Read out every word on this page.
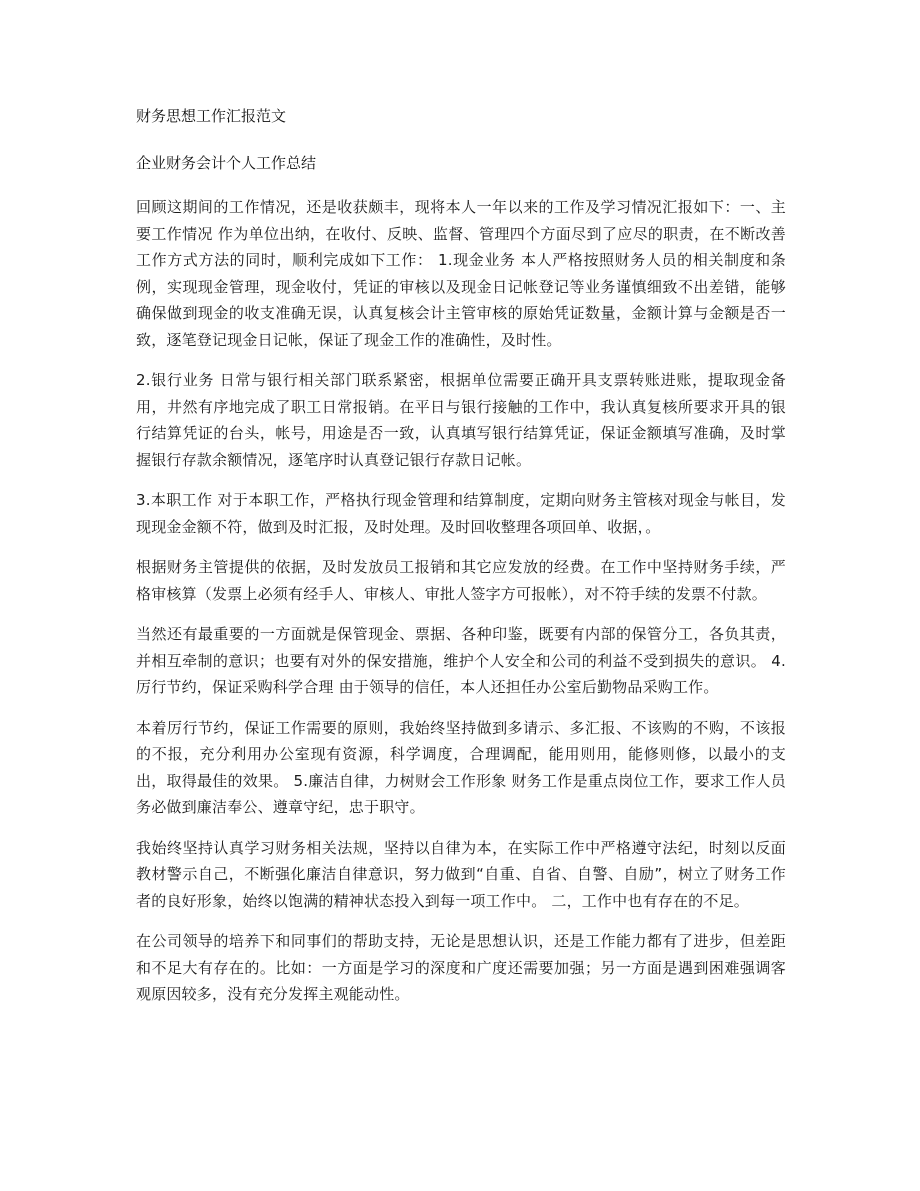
财务思想工作汇报范文
企业财务会计个人工作总结

回顾这期间的工作情况，还是收获颇丰，现将本人一年以来的工作及学习情况汇报如下：一、主要工作情况 作为单位出纳，在收付、反映、监督、管理四个方面尽到了应尽的职责，在不断改善工作方式方法的同时，顺利完成如下工作： 1.现金业务 本人严格按照财务人员的相关制度和条例，实现现金管理，现金收付，凭证的审核以及现金日记帐登记等业务谨慎细致不出差错，能够确保做到现金的收支准确无误，认真复核会计主管审核的原始凭证数量，金额计算与金额是否一致，逐笔登记现金日记帐，保证了现金工作的准确性，及时性。

2.银行业务 日常与银行相关部门联系紧密，根据单位需要正确开具支票转账进账，提取现金备用，井然有序地完成了职工日常报销。在平日与银行接触的工作中，我认真复核所要求开具的银行结算凭证的台头，帐号，用途是否一致，认真填写银行结算凭证，保证金额填写准确，及时掌握银行存款余额情况，逐笔序时认真登记银行存款日记帐。

3.本职工作 对于本职工作，严格执行现金管理和结算制度，定期向财务主管核对现金与帐目，发现现金金额不符，做到及时汇报，及时处理。及时回收整理各项回单、收据，。

根据财务主管提供的依据，及时发放员工报销和其它应发放的经费。在工作中坚持财务手续，严格审核算（发票上必须有经手人、审核人、审批人签字方可报帐），对不符手续的发票不付款。

当然还有最重要的一方面就是保管现金、票据、各种印鉴，既要有内部的保管分工，各负其责，并相互牵制的意识；也要有对外的保安措施，维护个人安全和公司的利益不受到损失的意识。 4.厉行节约，保证采购科学合理 由于领导的信任，本人还担任办公室后勤物品采购工作。

本着厉行节约，保证工作需要的原则，我始终坚持做到多请示、多汇报、不该购的不购，不该报的不报，充分利用办公室现有资源，科学调度，合理调配，能用则用，能修则修，以最小的支出，取得最佳的效果。 5.廉洁自律，力树财会工作形象 财务工作是重点岗位工作，要求工作人员务必做到廉洁奉公、遵章守纪，忠于职守。

我始终坚持认真学习财务相关法规，坚持以自律为本，在实际工作中严格遵守法纪，时刻以反面教材警示自己，不断强化廉洁自律意识，努力做到“自重、自省、自警、自励”，树立了财务工作者的良好形象，始终以饱满的精神状态投入到每一项工作中。 二，工作中也有存在的不足。

在公司领导的培养下和同事们的帮助支持，无论是思想认识，还是工作能力都有了进步，但差距和不足大有存在的。比如：一方面是学习的深度和广度还需要加强；另一方面是遇到困难强调客观原因较多，没有充分发挥主观能动性。
